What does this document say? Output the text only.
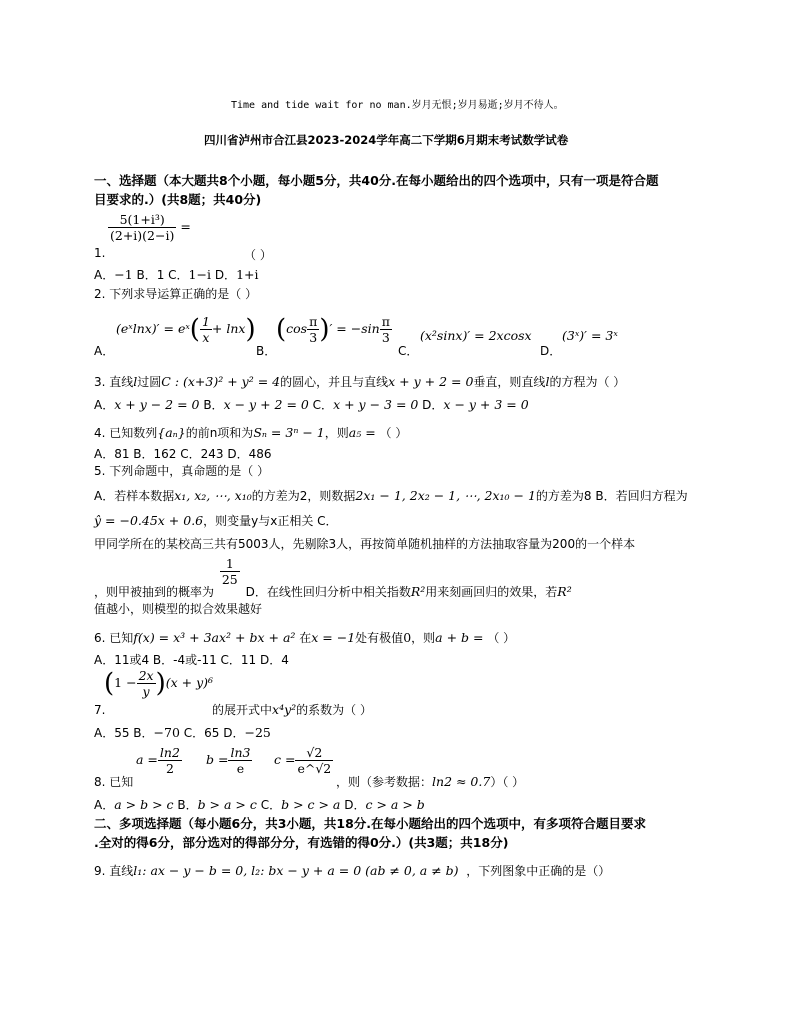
Time and tide wait for no man.岁月无恨;岁月易逝;岁月不待人。
四川省泸州市合江县2023-2024学年高二下学期6月期末考试数学试卷
一、选择题（本大题共8个小题，每小题5分，共40分.在每小题给出的四个选项中，只有一项是符合题
目要求的.）(共8题；共40分)
1.
$\frac{\text{5(1+i³)}}{(2+i)(2-i)}$ =
（ ）
A．−1 B．1 C．1−i D．1+i
2. 下列求导运算正确的是（ ）
A．
(eˣlnx)′ = eˣ( $\frac{1}{x} + \ln x$)
B．
($\cos \frac{\pi}{3}$ )′ = $-\sin \frac{\pi}{3}$
C．
(x²sinx)′ = 2xcosx
D．
(3ˣ)′ = 3ˣ
3. 直线l过圆C : (x+3)² + y² = 4的圆心，并且与直线x + y + 2 = 0垂直，则直线l的方程为（ ）
A．x + y − 2 = 0 B．x − y + 2 = 0 C．x + y − 3 = 0 D．x − y + 3 = 0
4. 已知数列{aₙ}的前n项和为Sₙ = 3ⁿ − 1，则a₅ = （ ）
A．81 B．162 C．243 D．486
5. 下列命题中，真命题的是（ ）
A．若样本数据x₁, x₂, ⋯, x₁₀的方差为2，则数据2x₁ − 1, 2x₂ − 1, ⋯, 2x₁₀ − 1的方差为8 B．若回归方程为
ŷ = −0.45x + 0.6，则变量y与x正相关 C．
甲同学所在的某校高三共有5003人，先剔除3人，再按简单随机抽样的方法抽取容量为200的一个样本
，则甲被抽到的概率为
$\frac{1}{25}$
D．在线性回归分析中相关指数R²用来刻画回归的效果，若R²
值越小，则模型的拟合效果越好
6. 已知f(x) = x³ + 3ax² + bx + a² 在x = −1处有极值0，则a + b = （ ）
A．11或4 B．-4或-11 C．11 D．4
7.
$(1 - \frac{2x}{y} )(x + y)^6$
的展开式中x⁴y²的系数为（ ）
A．55 B．−70 C．65 D．−25
8. 已知
$a = \frac{\ln 2}{2}$ $b = \frac{\ln 3}{e}$ $c = \frac{√2}{e\^{}√2}$
，则（参考数据：ln2 ≈ 0.7）（ ）
A．a > b > c B．b > a > c C．b > c > a D．c > a > b
二、多项选择题（每小题6分，共3小题，共18分.在每小题给出的四个选项中，有多项符合题目要求
.全对的得6分，部分选对的得部分分，有选错的得0分.）(共3题；共18分)
9. 直线l₁: ax − y − b = 0, l₂: bx − y + a = 0 (ab ≠ 0, a ≠ b) ，下列图象中正确的是（）
